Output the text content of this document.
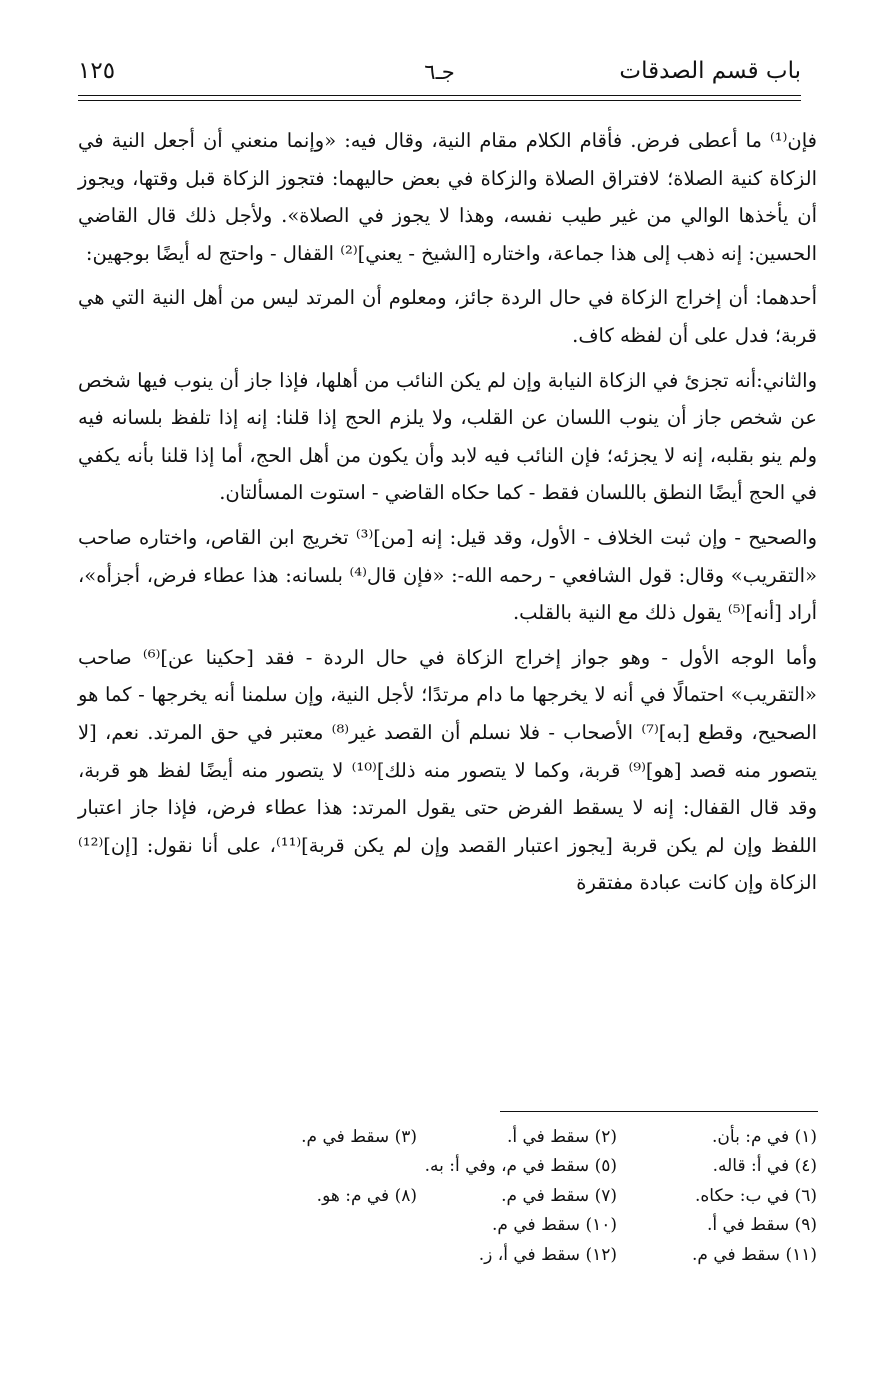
باب قسم الصدقات
جـ٦
١٢٥

فإن⁽¹⁾ ما أعطى فرض. فأقام الكلام مقام النية، وقال فيه: «وإنما منعني أن أجعل النية في الزكاة كنية الصلاة؛ لافتراق الصلاة والزكاة في بعض حاليهما: فتجوز الزكاة قبل وقتها، ويجوز أن يأخذها الوالي من غير طيب نفسه، وهذا لا يجوز في الصلاة». ولأجل ذلك قال القاضي الحسين: إنه ذهب إلى هذا جماعة، واختاره [الشيخ - يعني]⁽²⁾ القفال - واحتج له أيضًا بوجهين:

أحدهما: أن إخراج الزكاة في حال الردة جائز، ومعلوم أن المرتد ليس من أهل النية التي هي قربة؛ فدل على أن لفظه كاف.

والثاني:أنه تجزئ في الزكاة النيابة وإن لم يكن النائب من أهلها، فإذا جاز أن ينوب فيها شخص عن شخص جاز أن ينوب اللسان عن القلب، ولا يلزم الحج إذا قلنا: إنه إذا تلفظ بلسانه فيه ولم ينو بقلبه، إنه لا يجزئه؛ فإن النائب فيه لابد وأن يكون من أهل الحج، أما إذا قلنا بأنه يكفي في الحج أيضًا النطق باللسان فقط - كما حكاه القاضي - استوت المسألتان.

والصحيح - وإن ثبت الخلاف - الأول، وقد قيل: إنه [من]⁽³⁾ تخريج ابن القاص، واختاره صاحب «التقريب» وقال: قول الشافعي - رحمه الله-: «فإن قال⁽⁴⁾ بلسانه: هذا عطاء فرض، أجزأه»، أراد [أنه]⁽⁵⁾ يقول ذلك مع النية بالقلب.

وأما الوجه الأول - وهو جواز إخراج الزكاة في حال الردة - فقد [حكينا عن]⁽⁶⁾ صاحب «التقريب» احتمالًا في أنه لا يخرجها ما دام مرتدًا؛ لأجل النية، وإن سلمنا أنه يخرجها - كما هو الصحيح، وقطع [به]⁽⁷⁾ الأصحاب - فلا نسلم أن القصد غير⁽⁸⁾ معتبر في حق المرتد. نعم، [لا يتصور منه قصد [هو]⁽⁹⁾ قربة، وكما لا يتصور منه ذلك]⁽¹⁰⁾ لا يتصور منه أيضًا لفظ هو قربة، وقد قال القفال: إنه لا يسقط الفرض حتى يقول المرتد: هذا عطاء فرض، فإذا جاز اعتبار اللفظ وإن لم يكن قربة [يجوز اعتبار القصد وإن لم يكن قربة]⁽¹¹⁾، على أنا نقول: [إن]⁽¹²⁾ الزكاة وإن كانت عبادة مفتقرة

(١) في م: بأن.
(٢) سقط في أ.
(٣) سقط في م.
(٤) في أ: قاله.
(٥) سقط في م، وفي أ: به.
(٦) في ب: حكاه.
(٧) سقط في م.
(٨) في م: هو.
(٩) سقط في أ.
(١٠) سقط في م.
(١١) سقط في م.
(١٢) سقط في أ، ز.
